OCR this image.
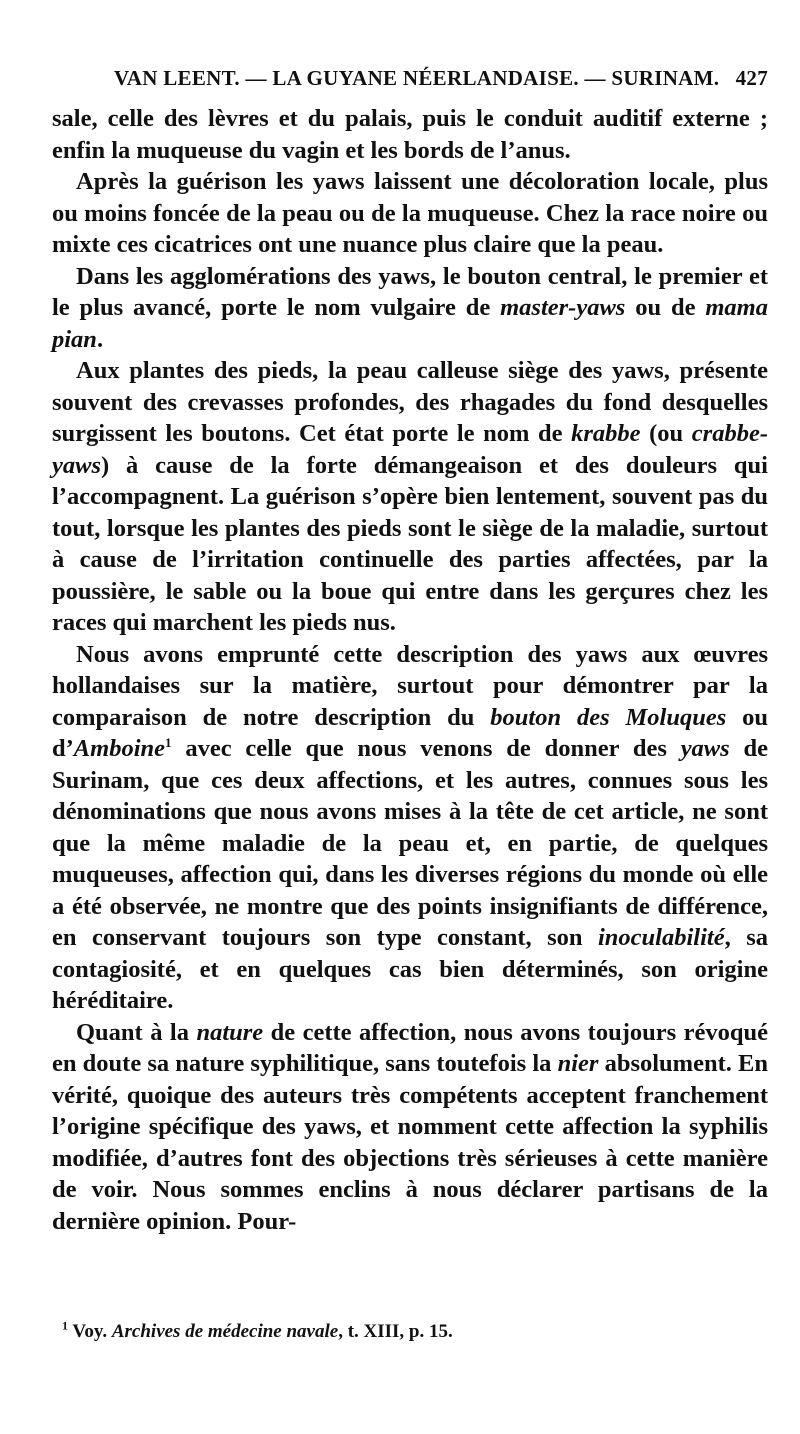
VAN LEENT. — LA GUYANE NÉERLANDAISE. — SURINAM. 427

sale, celle des lèvres et du palais, puis le conduit auditif externe ; enfin la muqueuse du vagin et les bords de l’anus.

Après la guérison les yaws laissent une décoloration locale, plus ou moins foncée de la peau ou de la muqueuse. Chez la race noire ou mixte ces cicatrices ont une nuance plus claire que la peau.

Dans les agglomérations des yaws, le bouton central, le premier et le plus avancé, porte le nom vulgaire de master-yaws ou de mama pian.

Aux plantes des pieds, la peau calleuse siège des yaws, présente souvent des crevasses profondes, des rhagades du fond desquelles surgissent les boutons. Cet état porte le nom de krabbe (ou crabbe-yaws) à cause de la forte démangeaison et des douleurs qui l’accompagnent. La guérison s’opère bien lentement, souvent pas du tout, lorsque les plantes des pieds sont le siège de la maladie, surtout à cause de l’irritation continuelle des parties affectées, par la poussière, le sable ou la boue qui entre dans les gerçures chez les races qui marchent les pieds nus.

Nous avons emprunté cette description des yaws aux œuvres hollandaises sur la matière, surtout pour démontrer par la comparaison de notre description du bouton des Moluques ou d’Amboine$^1$ avec celle que nous venons de donner des yaws de Surinam, que ces deux affections, et les autres, connues sous les dénominations que nous avons mises à la tête de cet article, ne sont que la même maladie de la peau et, en partie, de quelques muqueuses, affection qui, dans les diverses régions du monde où elle a été observée, ne montre que des points insignifiants de différence, en conservant toujours son type constant, son inoculabilité, sa contagiosité, et en quelques cas bien déterminés, son origine héréditaire.

Quant à la nature de cette affection, nous avons toujours révoqué en doute sa nature syphilitique, sans toutefois la nier absolument. En vérité, quoique des auteurs très compétents acceptent franchement l’origine spécifique des yaws, et nomment cette affection la syphilis modifiée, d’autres font des objections très sérieuses à cette manière de voir. Nous sommes enclins à nous déclarer partisans de la dernière opinion. Pour-

$^1$ Voy. Archives de médecine navale, t. XIII, p. 15.
